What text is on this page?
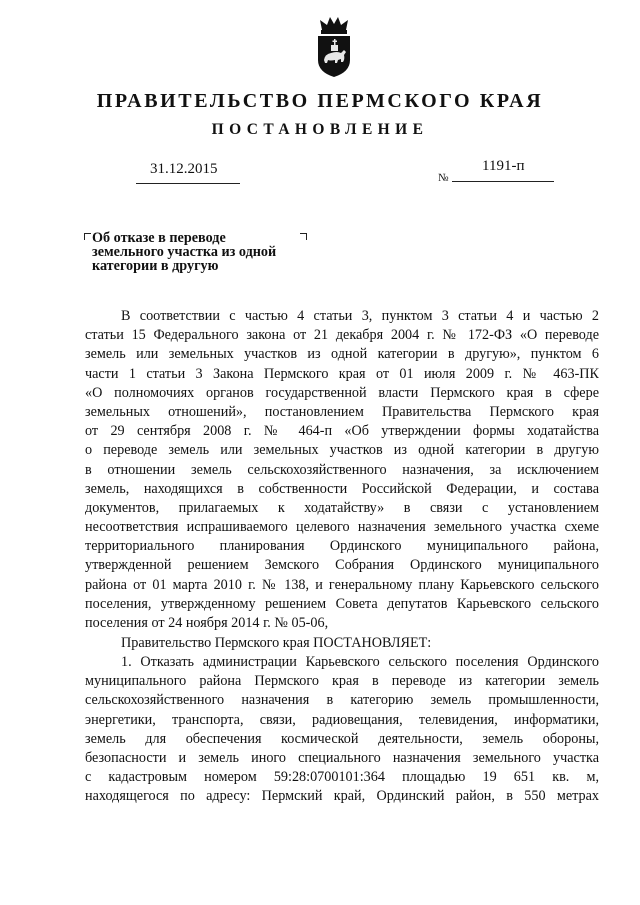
ПРАВИТЕЛЬСТВО ПЕРМСКОГО КРАЯ
ПОСТАНОВЛЕНИЕ
31.12.2015
№
1191-п
Об отказе в переводе
земельного участка из одной
категории в другую
В соответствии с частью 4 статьи 3, пунктом 3 статьи 4 и частью 2
статьи 15 Федерального закона от 21 декабря 2004 г. № 172-ФЗ «О переводе
земель или земельных участков из одной категории в другую», пунктом 6
части 1 статьи 3 Закона Пермского края от 01 июля 2009 г. № 463-ПК
«О полномочиях органов государственной власти Пермского края в сфере
земельных отношений», постановлением Правительства Пермского края
от 29 сентября 2008 г. № 464-п «Об утверждении формы ходатайства
о переводе земель или земельных участков из одной категории в другую
в отношении земель сельскохозяйственного назначения, за исключением
земель, находящихся в собственности Российской Федерации, и состава
документов, прилагаемых к ходатайству» в связи с установлением
несоответствия испрашиваемого целевого назначения земельного участка схеме
территориального планирования Ординского муниципального района,
утвержденной решением Земского Собрания Ординского муниципального
района от 01 марта 2010 г. № 138, и генеральному плану Карьевского сельского
поселения, утвержденному решением Совета депутатов Карьевского сельского
поселения от 24 ноября 2014 г. № 05-06,
Правительство Пермского края ПОСТАНОВЛЯЕТ:
1. Отказать администрации Карьевского сельского поселения Ординского
муниципального района Пермского края в переводе из категории земель
сельскохозяйственного назначения в категорию земель промышленности,
энергетики, транспорта, связи, радиовещания, телевидения, информатики,
земель для обеспечения космической деятельности, земель обороны,
безопасности и земель иного специального назначения земельного участка
с кадастровым номером 59:28:0700101:364 площадью 19 651 кв. м,
находящегося по адресу: Пермский край, Ординский район, в 550 метрах
